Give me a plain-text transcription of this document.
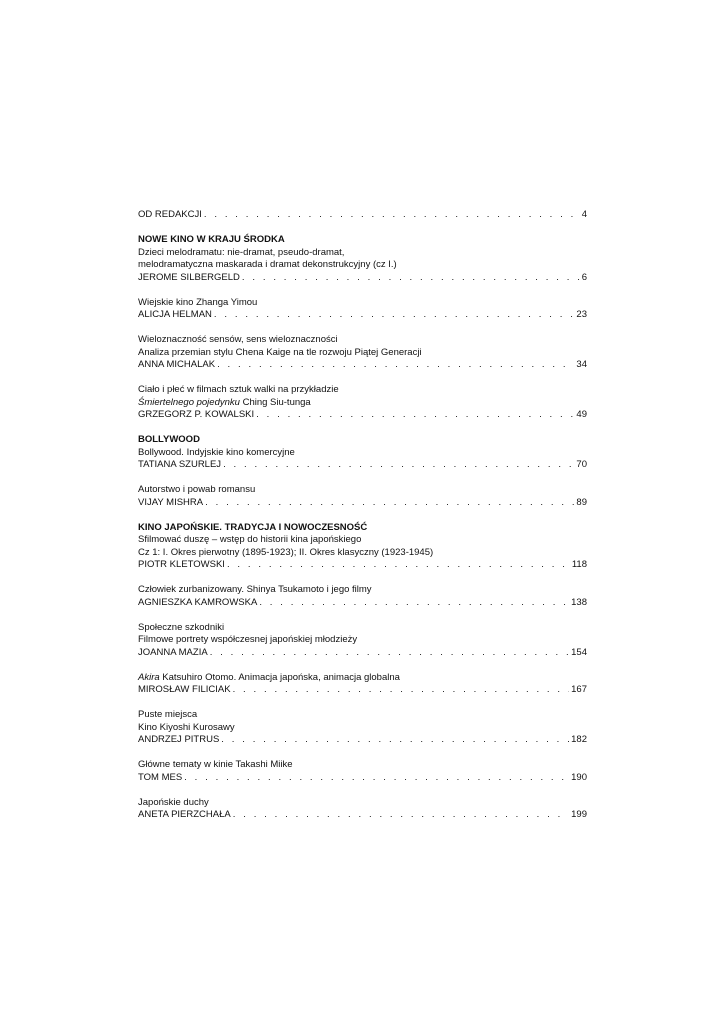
OD REDAKCJI . . .	4
NOWE KINO W KRAJU ŚRODKA
Dzieci melodramatu: nie-dramat, pseudo-dramat,
melodramatyczna maskarada i dramat dekonstrukcyjny (cz I.)
JEROME SILBERGELD . . .	6
Wiejskie kino Zhanga Yimou
ALICJA HELMAN . . .	23
Wieloznaczność sensów, sens wieloznaczności
Analiza przemian stylu Chena Kaige na tle rozwoju Piątej Generacji
ANNA MICHALAK . . .	34
Ciało i płeć w filmach sztuk walki na przykładzie
Śmiertelnego pojedynku Ching Siu-tunga
GRZEGORZ P. KOWALSKI . . .	49
BOLLYWOOD
Bollywood. Indyjskie kino komercyjne
TATIANA SZURLEJ . . .	70
Autorstwo i powab romansu
VIJAY MISHRA . . .	89
KINO JAPOŃSKIE. TRADYCJA I NOWOCZESNOŚĆ
Sfilmować duszę – wstęp do historii kina japońskiego
Cz 1: I. Okres pierwotny (1895-1923); II. Okres klasyczny (1923-1945)
PIOTR KLETOWSKI . . .	118
Człowiek zurbanizowany. Shinya Tsukamoto i jego filmy
AGNIESZKA KAMROWSKA . . .	138
Społeczne szkodniki
Filmowe portrety współczesnej japońskiej młodzieży
JOANNA MAZIA . . .	154
Akira Katsuhiro Otomo. Animacja japońska, animacja globalna
MIROSŁAW FILICIAK . . .	167
Puste miejsca
Kino Kiyoshi Kurosawy
ANDRZEJ PITRUS . . .	182
Główne tematy w kinie Takashi Miike
TOM MES . . .	190
Japońskie duchy
ANETA PIERZCHAŁA . . .	199
